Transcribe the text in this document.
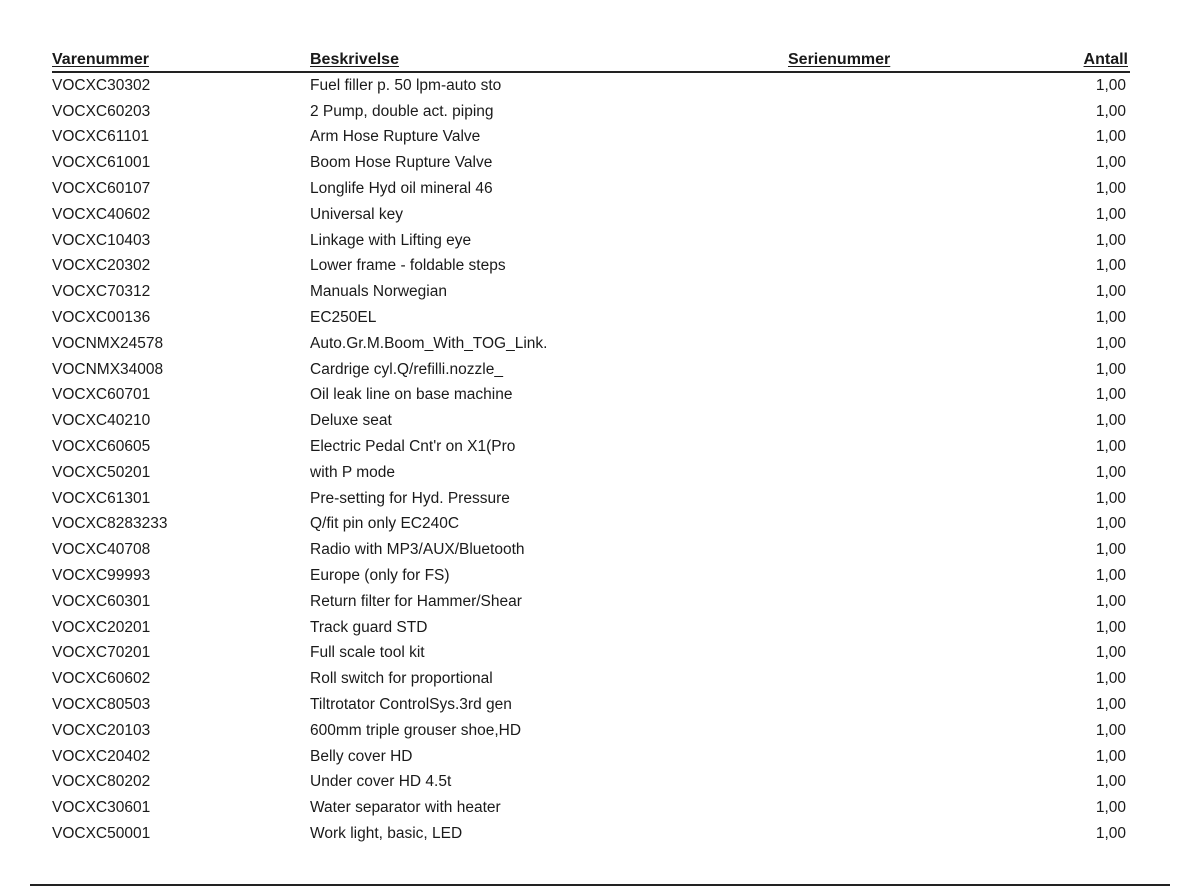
Varenummer	Beskrivelse	Serienummer	Antall
VOCXC30302	Fuel filler p. 50 lpm-auto sto		1,00
VOCXC60203	2 Pump, double act. piping		1,00
VOCXC61101	Arm Hose Rupture Valve		1,00
VOCXC61001	Boom Hose Rupture Valve		1,00
VOCXC60107	Longlife Hyd oil mineral 46		1,00
VOCXC40602	Universal key		1,00
VOCXC10403	Linkage with Lifting eye		1,00
VOCXC20302	Lower frame - foldable steps		1,00
VOCXC70312	Manuals Norwegian		1,00
VOCXC00136	EC250EL		1,00
VOCNMX24578	Auto.Gr.M.Boom_With_TOG_Link.		1,00
VOCNMX34008	Cardrige cyl.Q/refilli.nozzle_		1,00
VOCXC60701	Oil leak line on base machine		1,00
VOCXC40210	Deluxe seat		1,00
VOCXC60605	Electric Pedal Cnt'r on X1(Pro		1,00
VOCXC50201	with P mode		1,00
VOCXC61301	Pre-setting for Hyd. Pressure		1,00
VOCXC8283233	Q/fit pin only EC240C		1,00
VOCXC40708	Radio with MP3/AUX/Bluetooth		1,00
VOCXC99993	Europe (only for FS)		1,00
VOCXC60301	Return filter for Hammer/Shear		1,00
VOCXC20201	Track guard STD		1,00
VOCXC70201	Full scale tool kit		1,00
VOCXC60602	Roll switch for proportional		1,00
VOCXC80503	Tiltrotator ControlSys.3rd gen		1,00
VOCXC20103	600mm triple grouser shoe,HD		1,00
VOCXC20402	Belly cover HD		1,00
VOCXC80202	Under cover HD 4.5t		1,00
VOCXC30601	Water separator with heater		1,00
VOCXC50001	Work light, basic, LED		1,00
